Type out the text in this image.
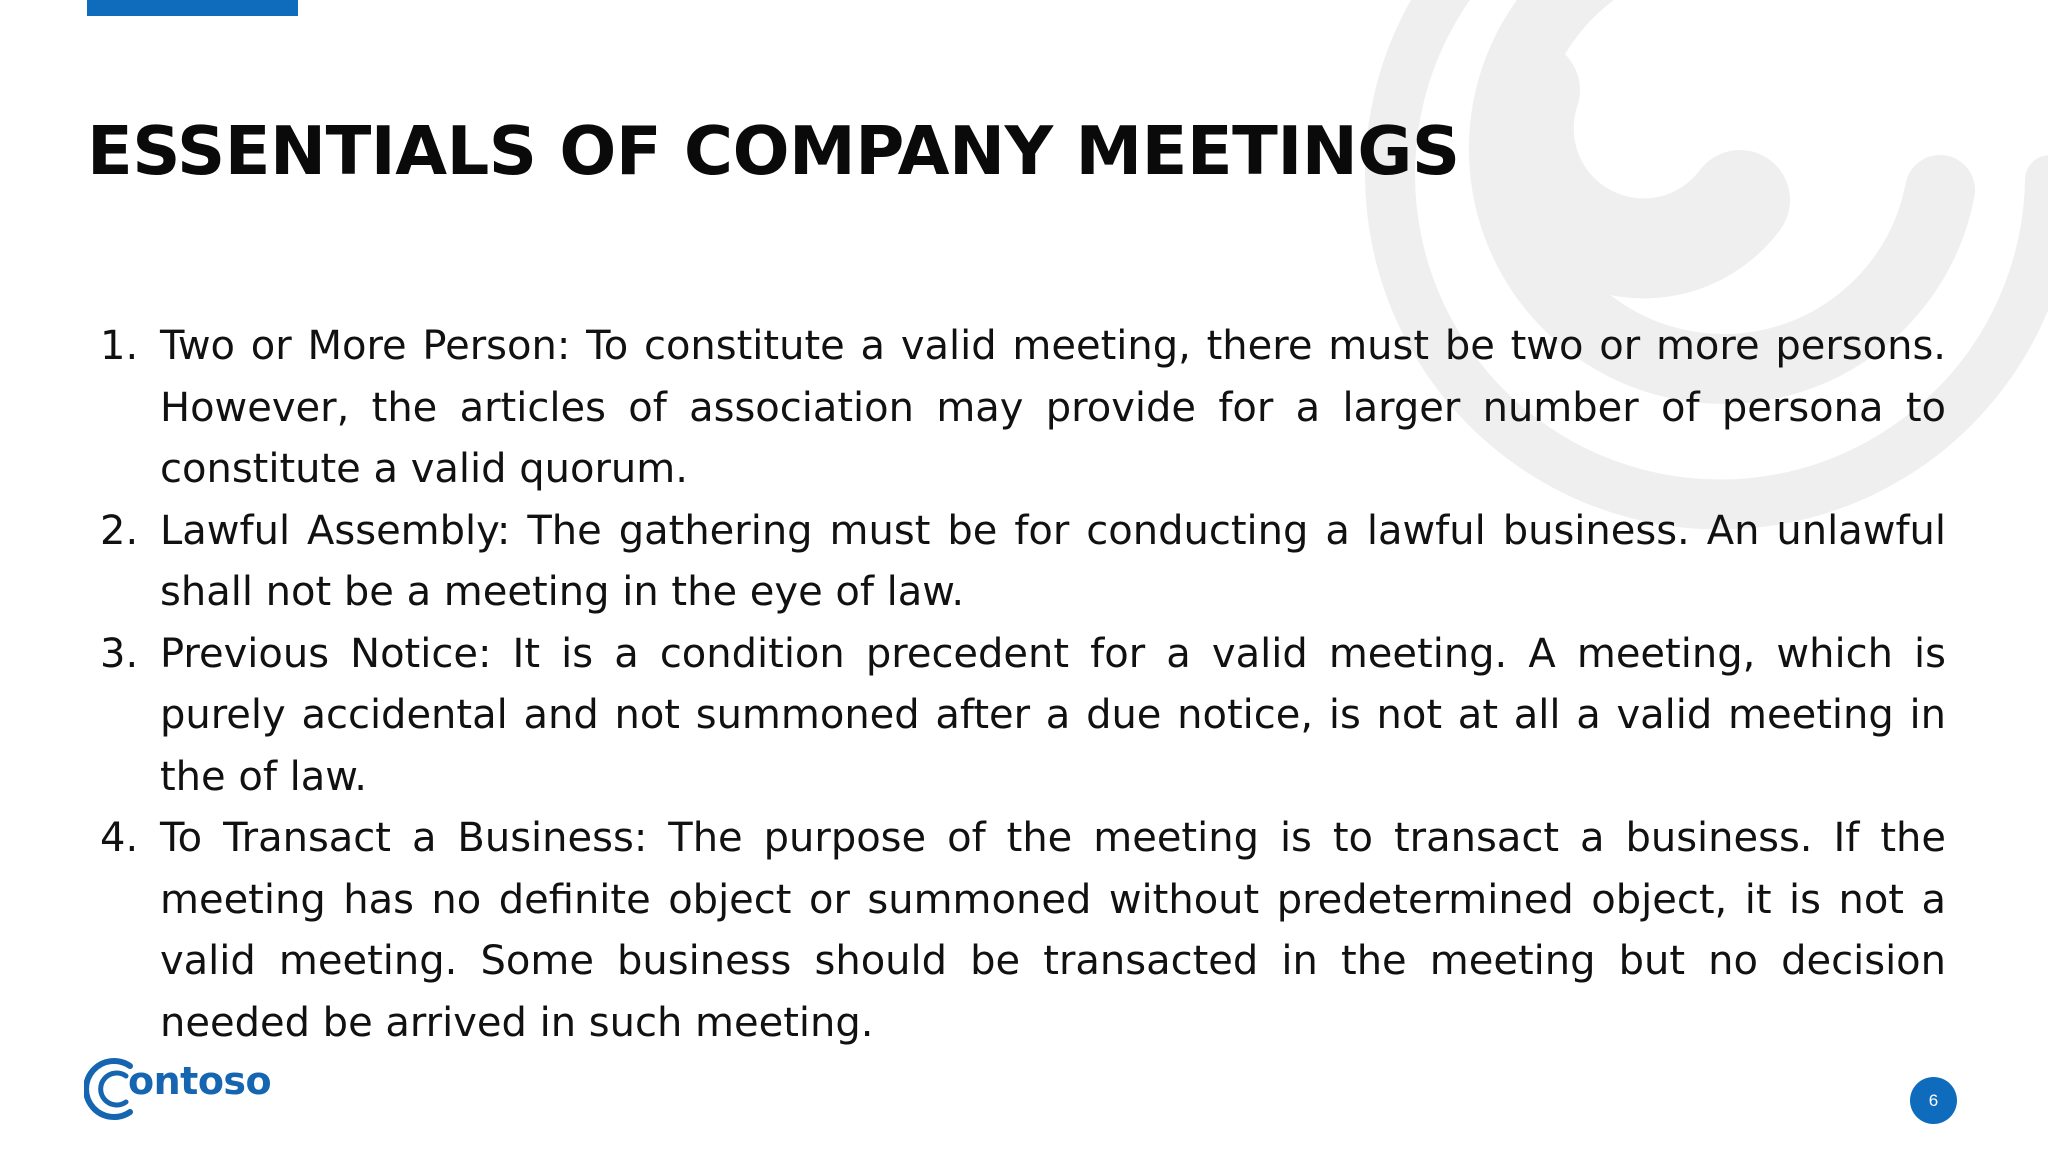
ESSENTIALS OF COMPANY MEETINGS
1. Two or More Person: To constitute a valid meeting, there must be two or more persons. However, the articles of association may provide for a larger number of persona to constitute a valid quorum.
2. Lawful Assembly: The gathering must be for conducting a lawful business. An unlawful shall not be a meeting in the eye of law.
3. Previous Notice: It is a condition precedent for a valid meeting. A meeting, which is purely accidental and not summoned after a due notice, is not at all a valid meeting in the of law.
4. To Transact a Business: The purpose of the meeting is to transact a business. If the meeting has no definite object or summoned without predetermined object, it is not a valid meeting. Some business should be transacted in the meeting but no decision needed be arrived in such meeting.
ontoso	6
